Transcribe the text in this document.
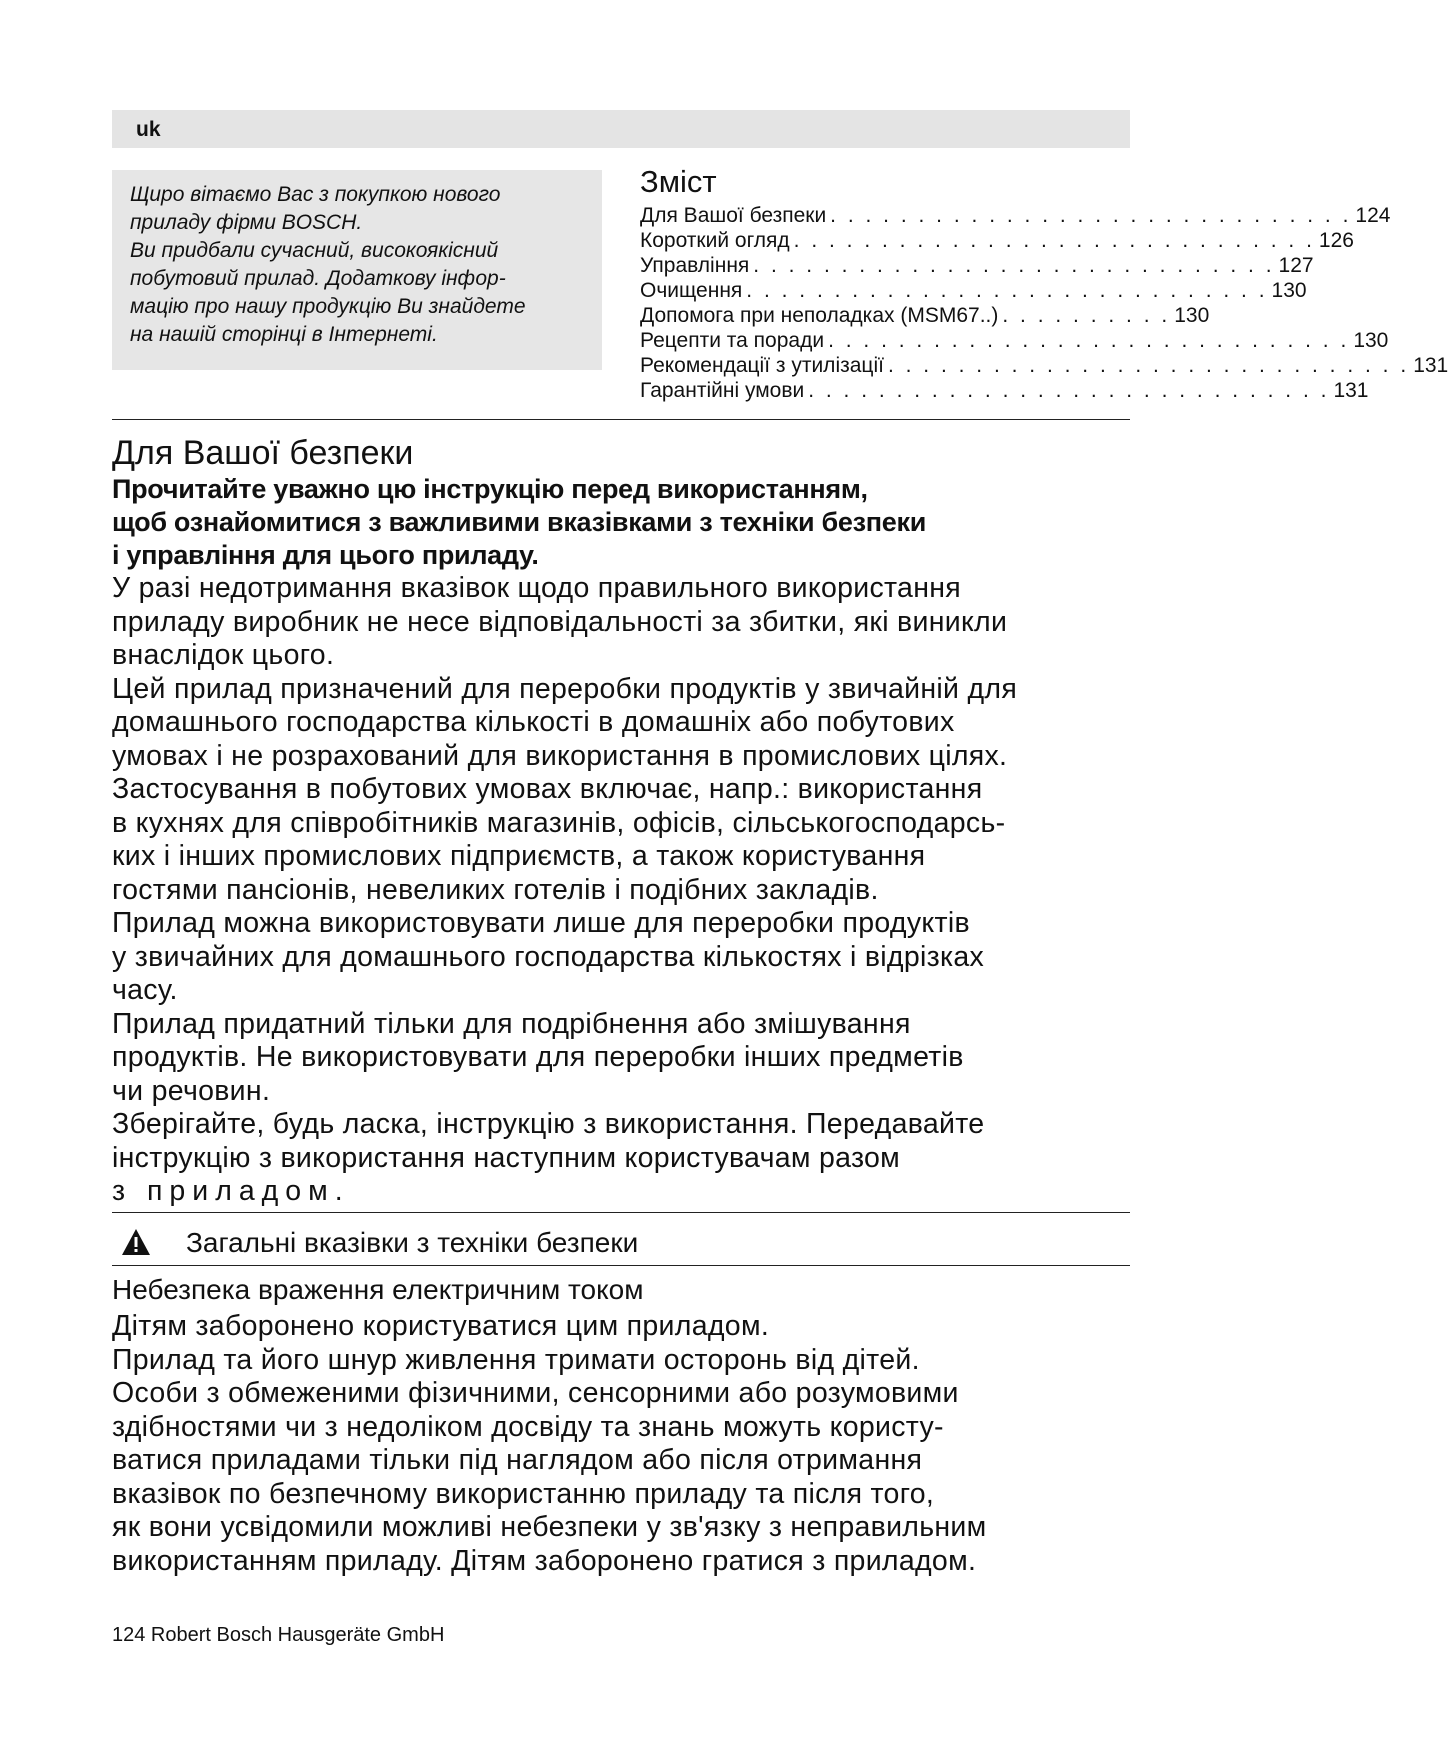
uk

Щиро вітаємо Вас з покупкою нового

приладу фірми BOSCH.

Ви придбали сучасний, високоякісний

побутовий прилад. Додаткову інфор-

мацію про нашу продукцію Ви знайдете

на нашій сторінці в Інтернеті.

Зміст
Для Вашої безпеки . . . . . . . . . . . . . . . . . . . . . . . . . . . . . . 124
Короткий огляд . . . . . . . . . . . . . . . . . . . . . . . . . . . . . . 126
Управління . . . . . . . . . . . . . . . . . . . . . . . . . . . . . . 127
Очищення . . . . . . . . . . . . . . . . . . . . . . . . . . . . . . 130
Допомога при неполадках (MSM67..) . . . . . . . . . . 130
Рецепти та поради . . . . . . . . . . . . . . . . . . . . . . . . . . . . . . 130
Рекомендації з утилізації . . . . . . . . . . . . . . . . . . . . . . . . . . . . . . 131
Гарантійні умови . . . . . . . . . . . . . . . . . . . . . . . . . . . . . . 131
Для Вашої безпеки

Прочитайте уважно цю інструкцію перед використанням,

щоб ознайомитися з важливими вказівками з техніки безпеки

і управління для цього приладу.

У разі недотримання вказівок щодо правильного використання

приладу виробник не несе відповідальності за збитки, які виникли

внаслідок цього.

Цей прилад призначений для переробки продуктів у звичайній для

домашнього господарства кількості в домашніх або побутових

умовах і не розрахований для використання в промислових цілях.

Застосування в побутових умовах включає, напр.: використання

в кухнях для співробітників магазинів, офісів, сільськогосподарсь-

ких і інших промислових підприємств, а також користування

гостями пансіонів, невеликих готелів і подібних закладів.

Прилад можна використовувати лише для переробки продуктів

у звичайних для домашнього господарства кількостях і відрізках

часу.

Прилад придатний тільки для подрібнення або змішування

продуктів. Не використовувати для переробки інших предметів

чи речовин.

Зберігайте, будь ласка, інструкцію з використання. Передавайте

інструкцію з використання наступним користувачам разом

з приладом.

Загальні вказівки з техніки безпеки
Небезпека враження електричним током

Дітям заборонено користуватися цим приладом.

Прилад та його шнур живлення тримати осторонь від дітей.

Особи з обмеженими фізичними, сенсорними або розумовими

здібностями чи з недоліком досвіду та знань можуть користу-

ватися приладами тільки під наглядом або після отримання

вказівок по безпечному використанню приладу та після того,

як вони усвідомили можливі небезпеки у зв'язку з неправильним

використанням приладу. Дітям заборонено гратися з приладом.

124 Robert Bosch Hausgeräte GmbH
